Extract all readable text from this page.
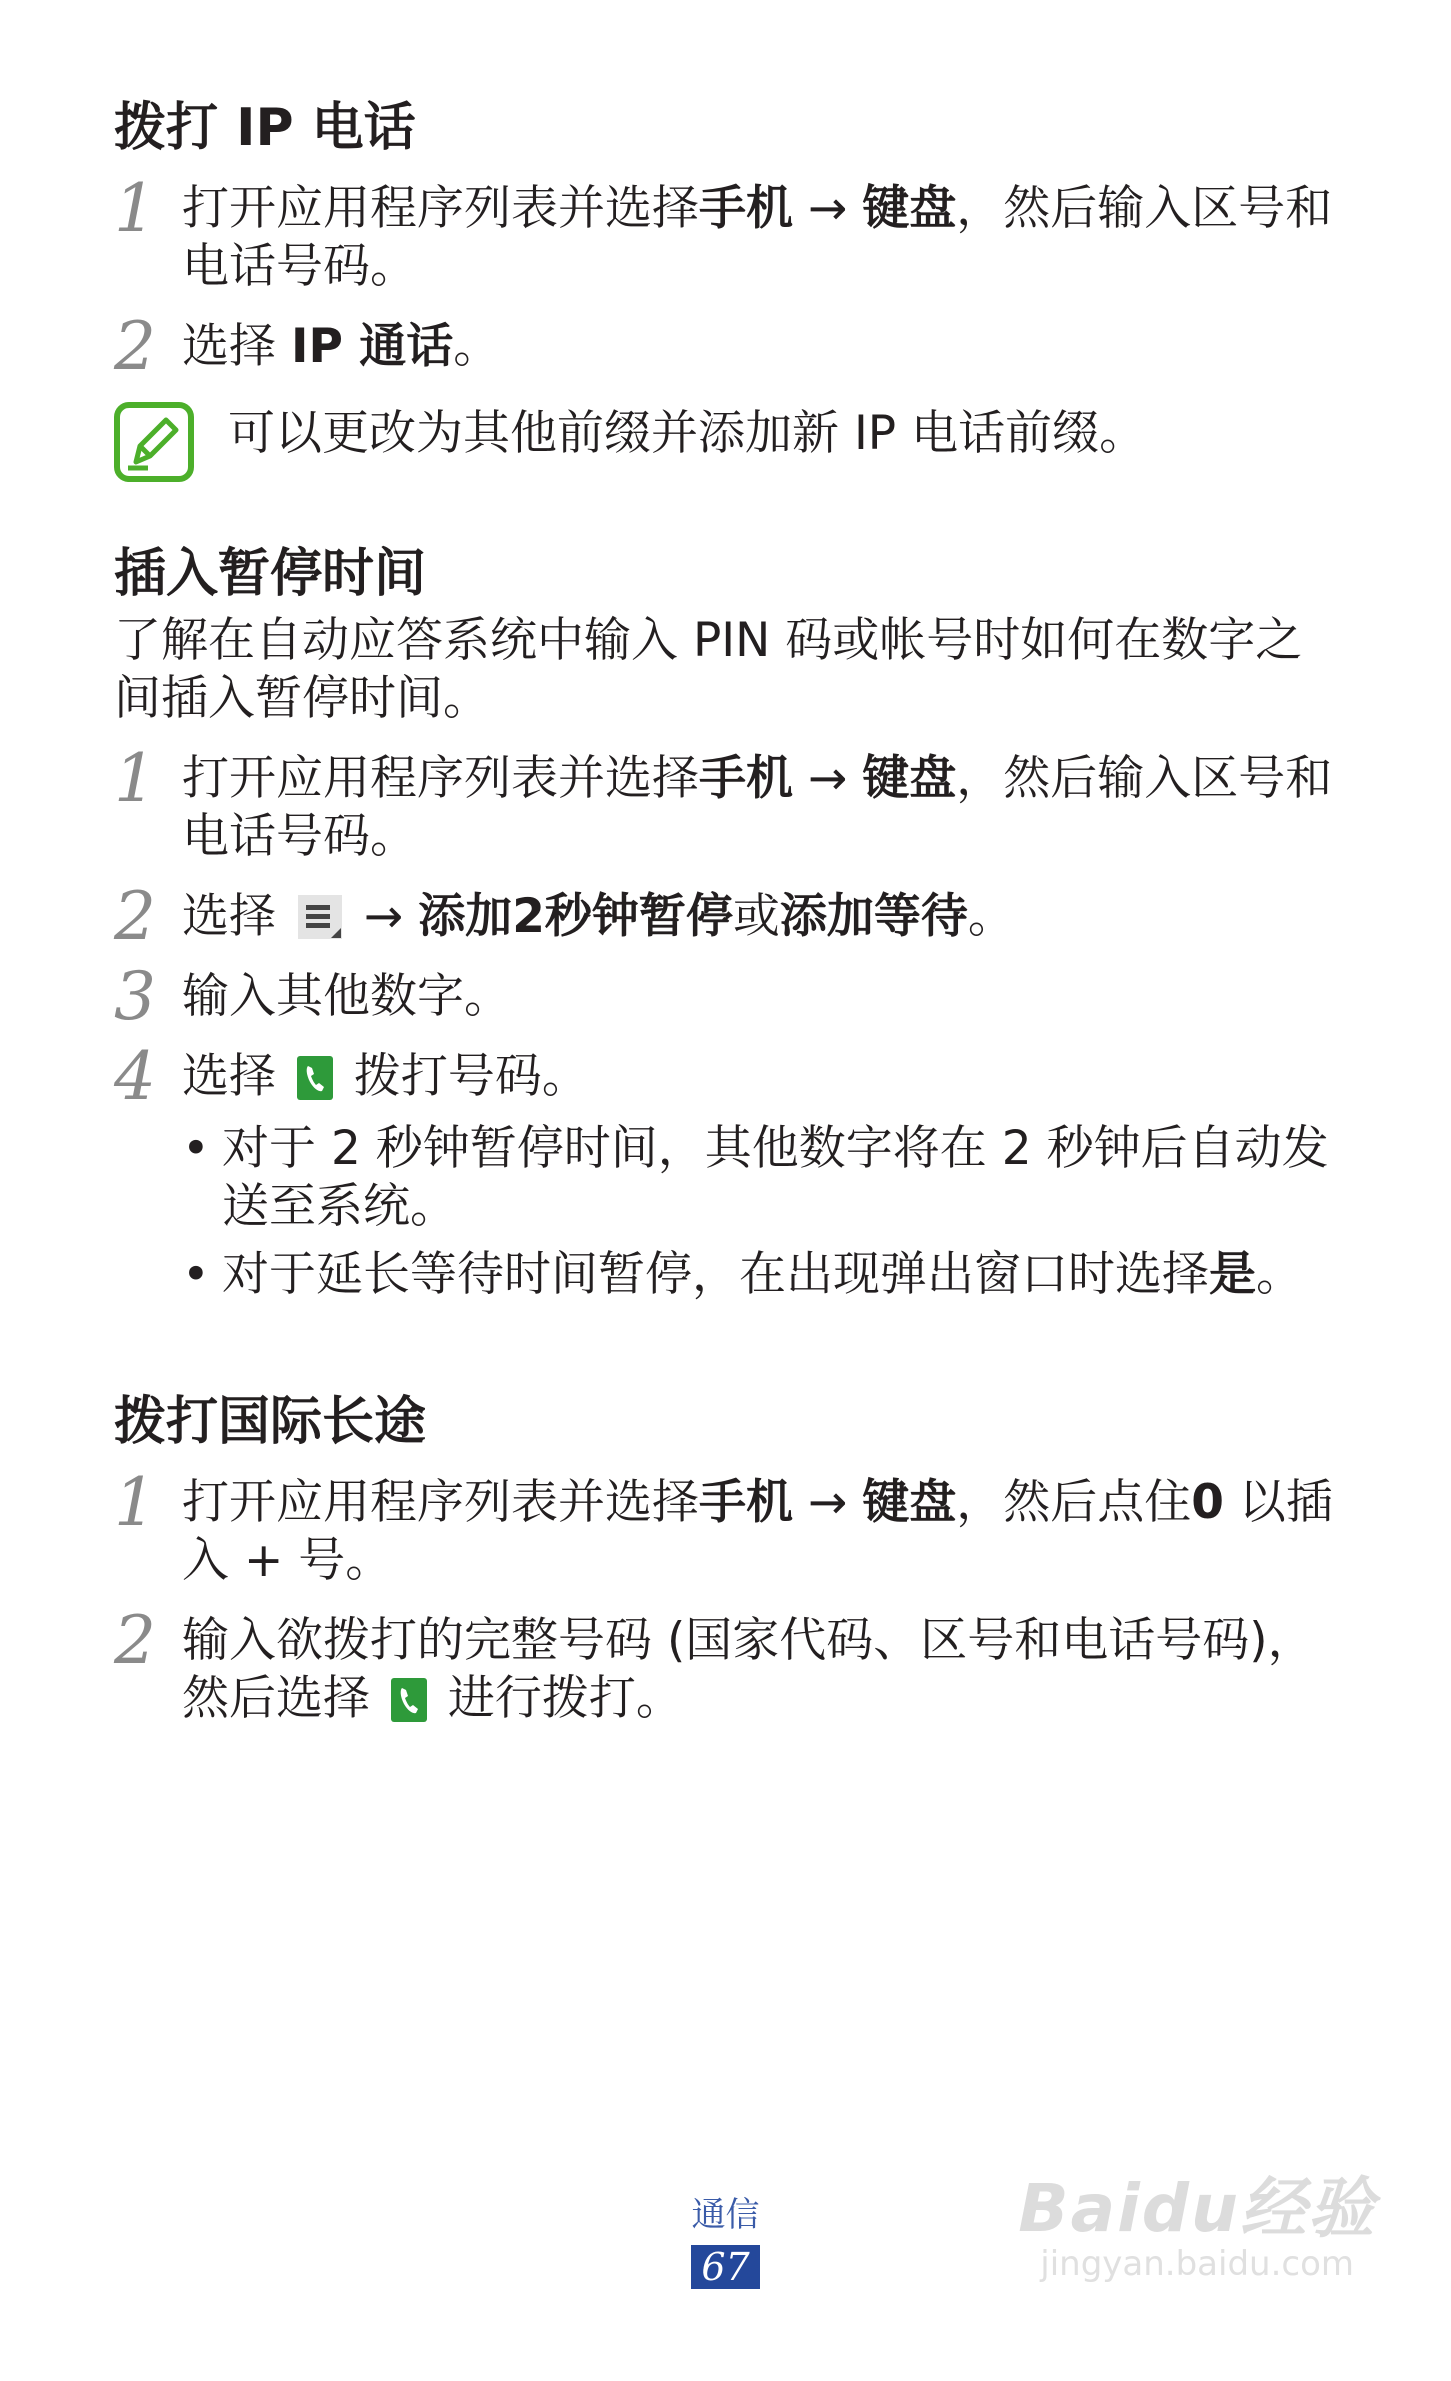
拨打 IP 电话
1 打开应用程序列表并选择手机 → 键盘，然后输入区号和电话号码。
2 选择 IP 通话。
可以更改为其他前缀并添加新 IP 电话前缀。
插入暂停时间

了解在自动应答系统中输入 PIN 码或帐号时如何在数字之间插入暂停时间。

1 打开应用程序列表并选择手机 → 键盘，然后输入区号和电话号码。
2 选择  → 添加2秒钟暂停或添加等待。
3 输入其他数字。
4 选择 拨打号码。
• 对于 2 秒钟暂停时间，其他数字将在 2 秒钟后自动发送至系统。
• 对于延长等待时间暂停，在出现弹出窗口时选择是。
拨打国际长途
1 打开应用程序列表并选择手机 → 键盘，然后点住0 以插入 + 号。
2 输入欲拨打的完整号码 (国家代码、区号和电话号码)，然后选择 进行拨打。
通信
67
Baidu经验
jingyan.baidu.com
